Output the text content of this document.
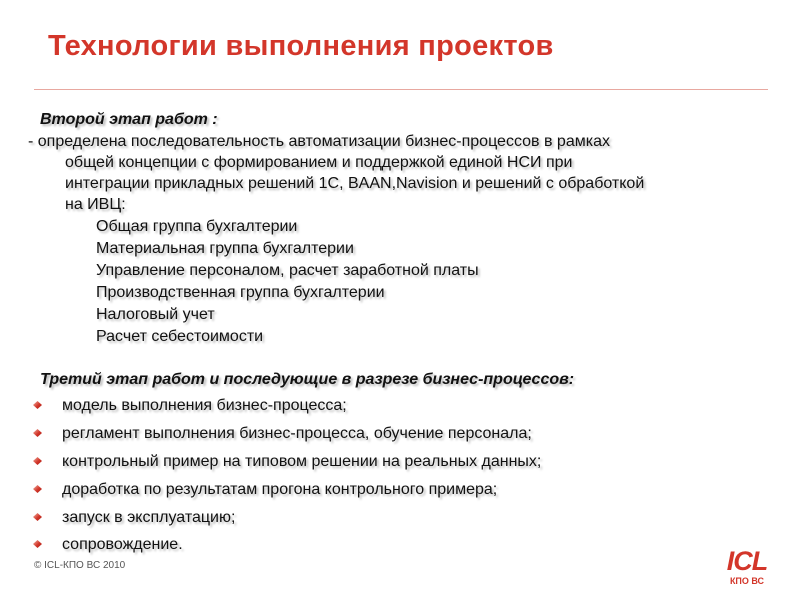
Технологии выполнения проектов
Второй этап работ :
- определена последовательность автоматизации бизнес-процессов в рамках
общей концепции с формированием и поддержкой единой НСИ при
интеграции прикладных решений 1С, BAAN,Navision и решений с обработкой
на ИВЦ:
Общая группа бухгалтерии
Материальная группа бухгалтерии
Управление персоналом, расчет заработной платы
Производственная группа бухгалтерии
Налоговый учет
Расчет себестоимости
Третий этап работ и последующие в разрезе бизнес-процессов:
модель выполнения бизнес-процесса;
регламент выполнения бизнес-процесса, обучение персонала;
контрольный пример на типовом решении на реальных данных;
доработка по результатам прогона контрольного примера;
запуск в эксплуатацию;
сопровождение.
© ICL-КПО ВС 2010	ICL
КПО ВС
